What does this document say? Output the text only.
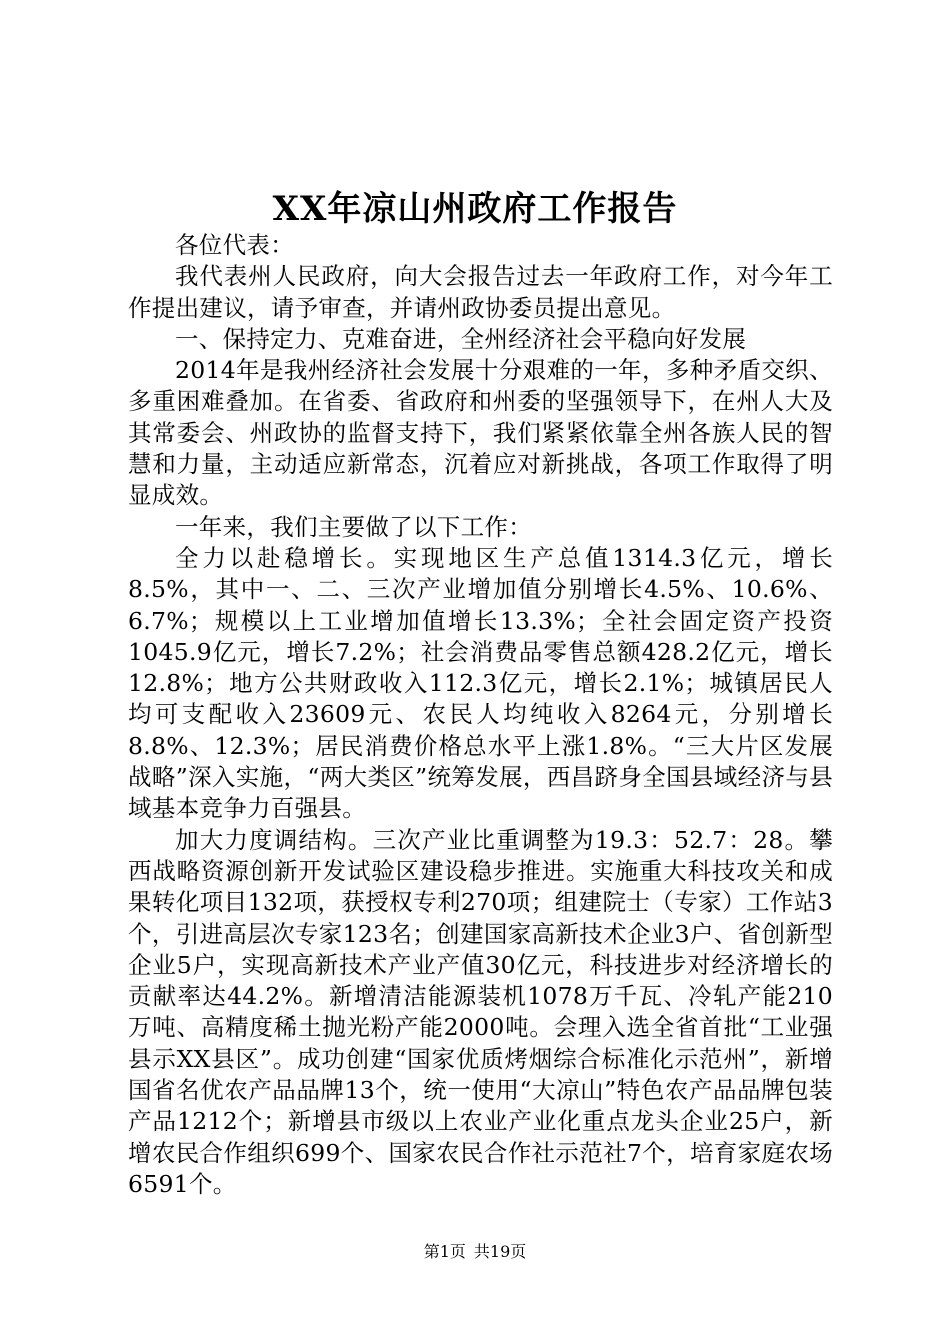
XX年凉山州政府工作报告

各位代表：

我代表州人民政府，向大会报告过去一年政府工作，对今年工作提出建议，请予审查，并请州政协委员提出意见。

一、保持定力、克难奋进，全州经济社会平稳向好发展

2014年是我州经济社会发展十分艰难的一年，多种矛盾交织、多重困难叠加。在省委、省政府和州委的坚强领导下，在州人大及其常委会、州政协的监督支持下，我们紧紧依靠全州各族人民的智慧和力量，主动适应新常态，沉着应对新挑战，各项工作取得了明显成效。

一年来，我们主要做了以下工作：

全力以赴稳增长。实现地区生产总值1314.3亿元，增长8.5%，其中一、二、三次产业增加值分别增长4.5%、10.6%、6.7%；规模以上工业增加值增长13.3%；全社会固定资产投资1045.9亿元，增长7.2%；社会消费品零售总额428.2亿元，增长12.8%；地方公共财政收入112.3亿元，增长2.1%；城镇居民人均可支配收入23609元、农民人均纯收入8264元，分别增长8.8%、12.3%；居民消费价格总水平上涨1.8%。“三大片区发展战略”深入实施，“两大类区”统筹发展，西昌跻身全国县域经济与县域基本竞争力百强县。

加大力度调结构。三次产业比重调整为19.3：52.7：28。攀西战略资源创新开发试验区建设稳步推进。实施重大科技攻关和成果转化项目132项，获授权专利270项；组建院士（专家）工作站3个，引进高层次专家123名；创建国家高新技术企业3户、省创新型企业5户，实现高新技术产业产值30亿元，科技进步对经济增长的贡献率达44.2%。新增清洁能源装机1078万千瓦、冷轧产能210万吨、高精度稀土抛光粉产能2000吨。会理入选全省首批“工业强县示XX县区”。成功创建“国家优质烤烟综合标准化示范州”，新增国省名优农产品品牌13个，统一使用“大凉山”特色农产品品牌包装产品1212个；新增县市级以上农业产业化重点龙头企业25户，新增农民合作组织699个、国家农民合作社示范社7个，培育家庭农场6591个。

第1页 共19页
